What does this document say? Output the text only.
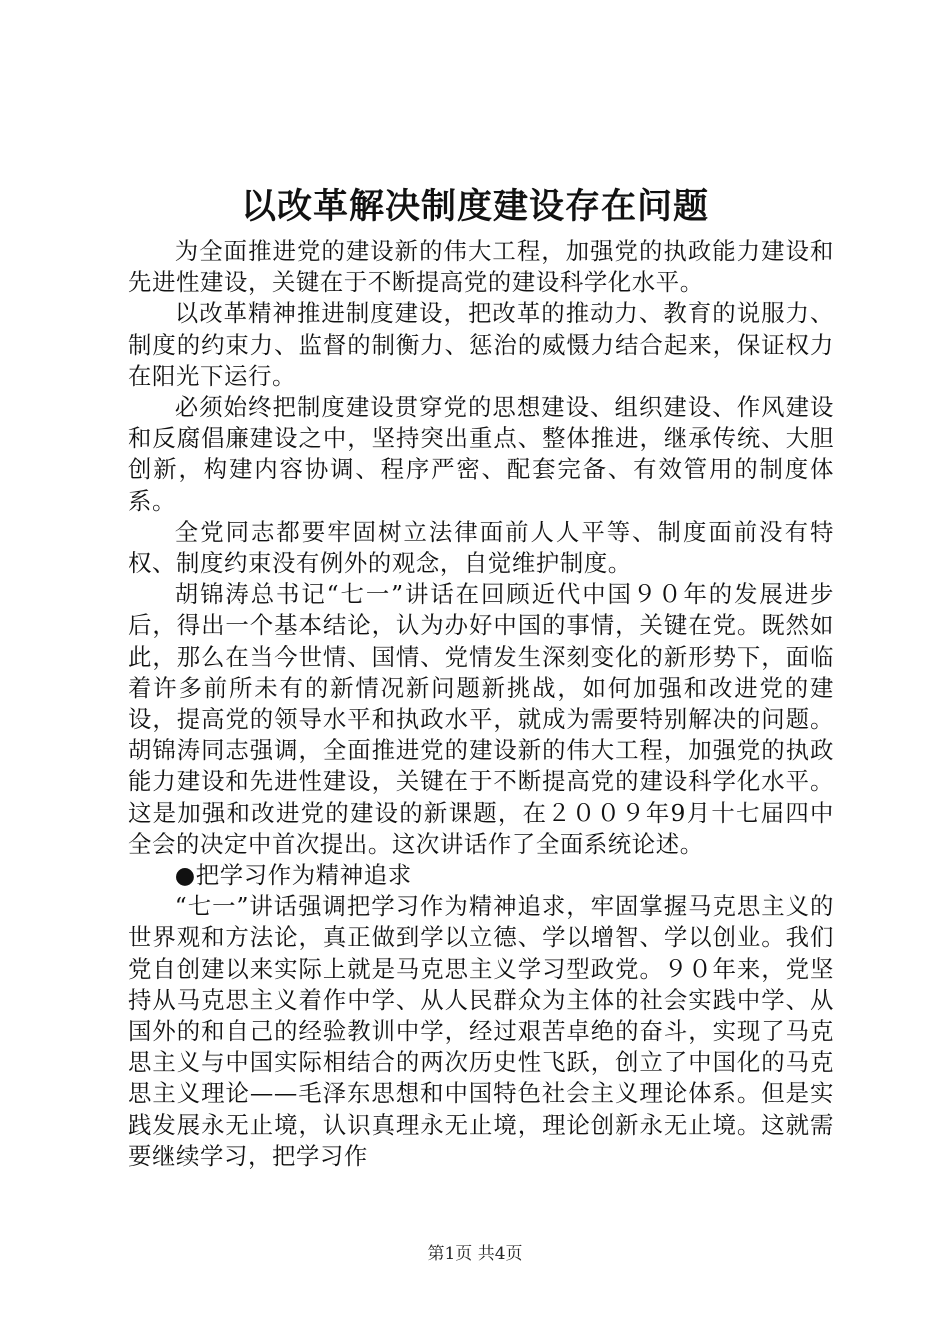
以改革解决制度建设存在问题

为全面推进党的建设新的伟大工程，加强党的执政能力建设和先进性建设，关键在于不断提高党的建设科学化水平。

以改革精神推进制度建设，把改革的推动力、教育的说服力、制度的约束力、监督的制衡力、惩治的威慑力结合起来，保证权力在阳光下运行。

必须始终把制度建设贯穿党的思想建设、组织建设、作风建设和反腐倡廉建设之中，坚持突出重点、整体推进，继承传统、大胆创新，构建内容协调、程序严密、配套完备、有效管用的制度体系。

全党同志都要牢固树立法律面前人人平等、制度面前没有特权、制度约束没有例外的观念，自觉维护制度。

胡锦涛总书记“七一”讲话在回顾近代中国９０年的发展进步后，得出一个基本结论，认为办好中国的事情，关键在党。既然如此，那么在当今世情、国情、党情发生深刻变化的新形势下，面临着许多前所未有的新情况新问题新挑战，如何加强和改进党的建设，提高党的领导水平和执政水平，就成为需要特别解决的问题。胡锦涛同志强调，全面推进党的建设新的伟大工程，加强党的执政能力建设和先进性建设，关键在于不断提高党的建设科学化水平。这是加强和改进党的建设的新课题，在２００９年9月十七届四中全会的决定中首次提出。这次讲话作了全面系统论述。

●把学习作为精神追求

“七一”讲话强调把学习作为精神追求，牢固掌握马克思主义的世界观和方法论，真正做到学以立德、学以增智、学以创业。我们党自创建以来实际上就是马克思主义学习型政党。９０年来，党坚持从马克思主义着作中学、从人民群众为主体的社会实践中学、从国外的和自己的经验教训中学，经过艰苦卓绝的奋斗，实现了马克思主义与中国实际相结合的两次历史性飞跃，创立了中国化的马克思主义理论——毛泽东思想和中国特色社会主义理论体系。但是实践发展永无止境，认识真理永无止境，理论创新永无止境。这就需要继续学习，把学习作

第1页 共4页
